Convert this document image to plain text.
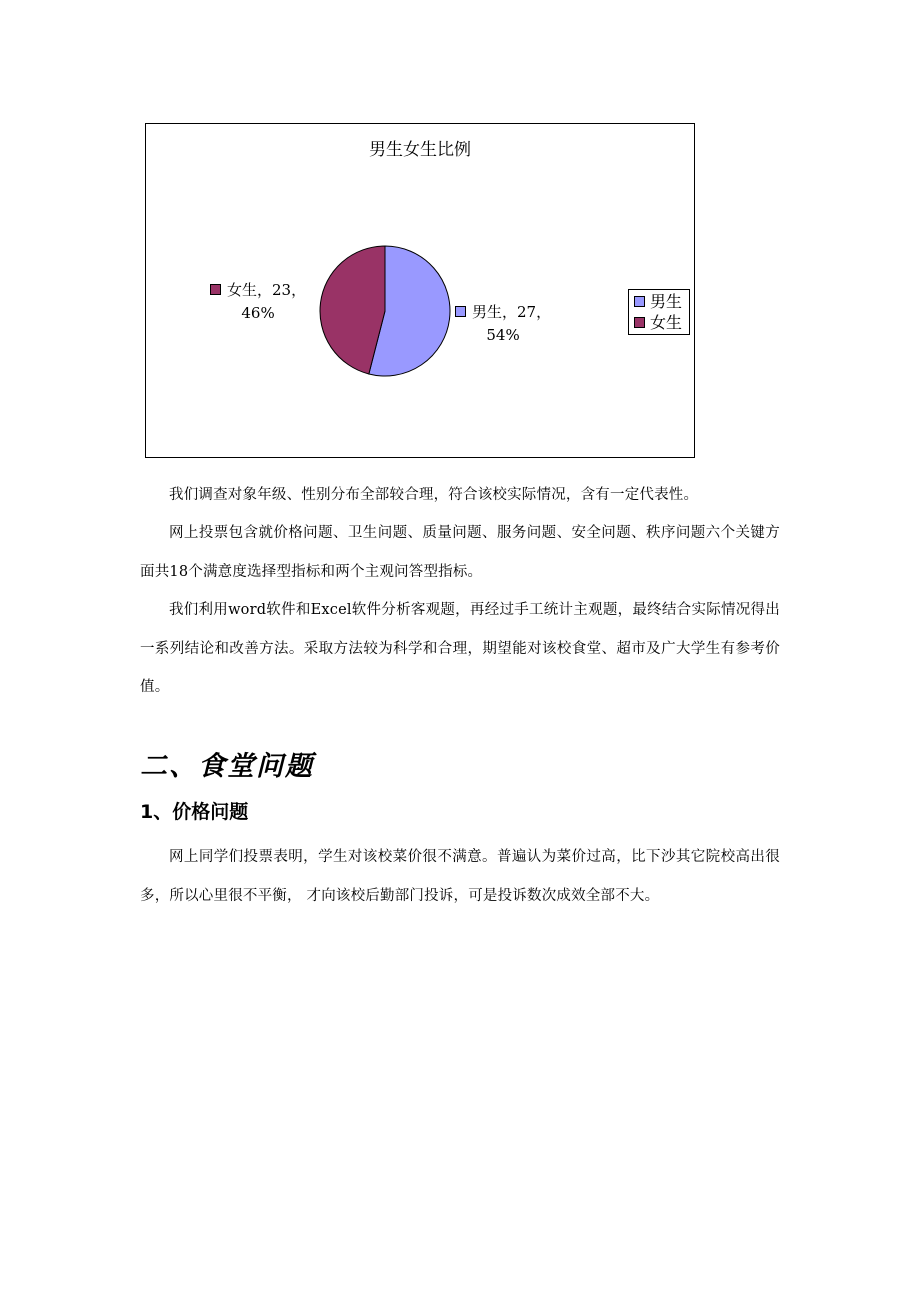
男生女生比例
女生，23，
46%	男生，27，
54%
男生
女生
我们调查对象年级、性别分布全部较合理，符合该校实际情况，含有一定代表性。
网上投票包含就价格问题、卫生问题、质量问题、服务问题、安全问题、秩序问题六个关键方面共18个满意度选择型指标和两个主观问答型指标。
我们利用word软件和Excel软件分析客观题，再经过手工统计主观题，最终结合实际情况得出一系列结论和改善方法。采取方法较为科学和合理，期望能对该校食堂、超市及广大学生有参考价值。
二、食堂问题
1、价格问题
网上同学们投票表明，学生对该校菜价很不满意。普遍认为菜价过高，比下沙其它院校高出很多，所以心里很不平衡， 才向该校后勤部门投诉，可是投诉数次成效全部不大。
